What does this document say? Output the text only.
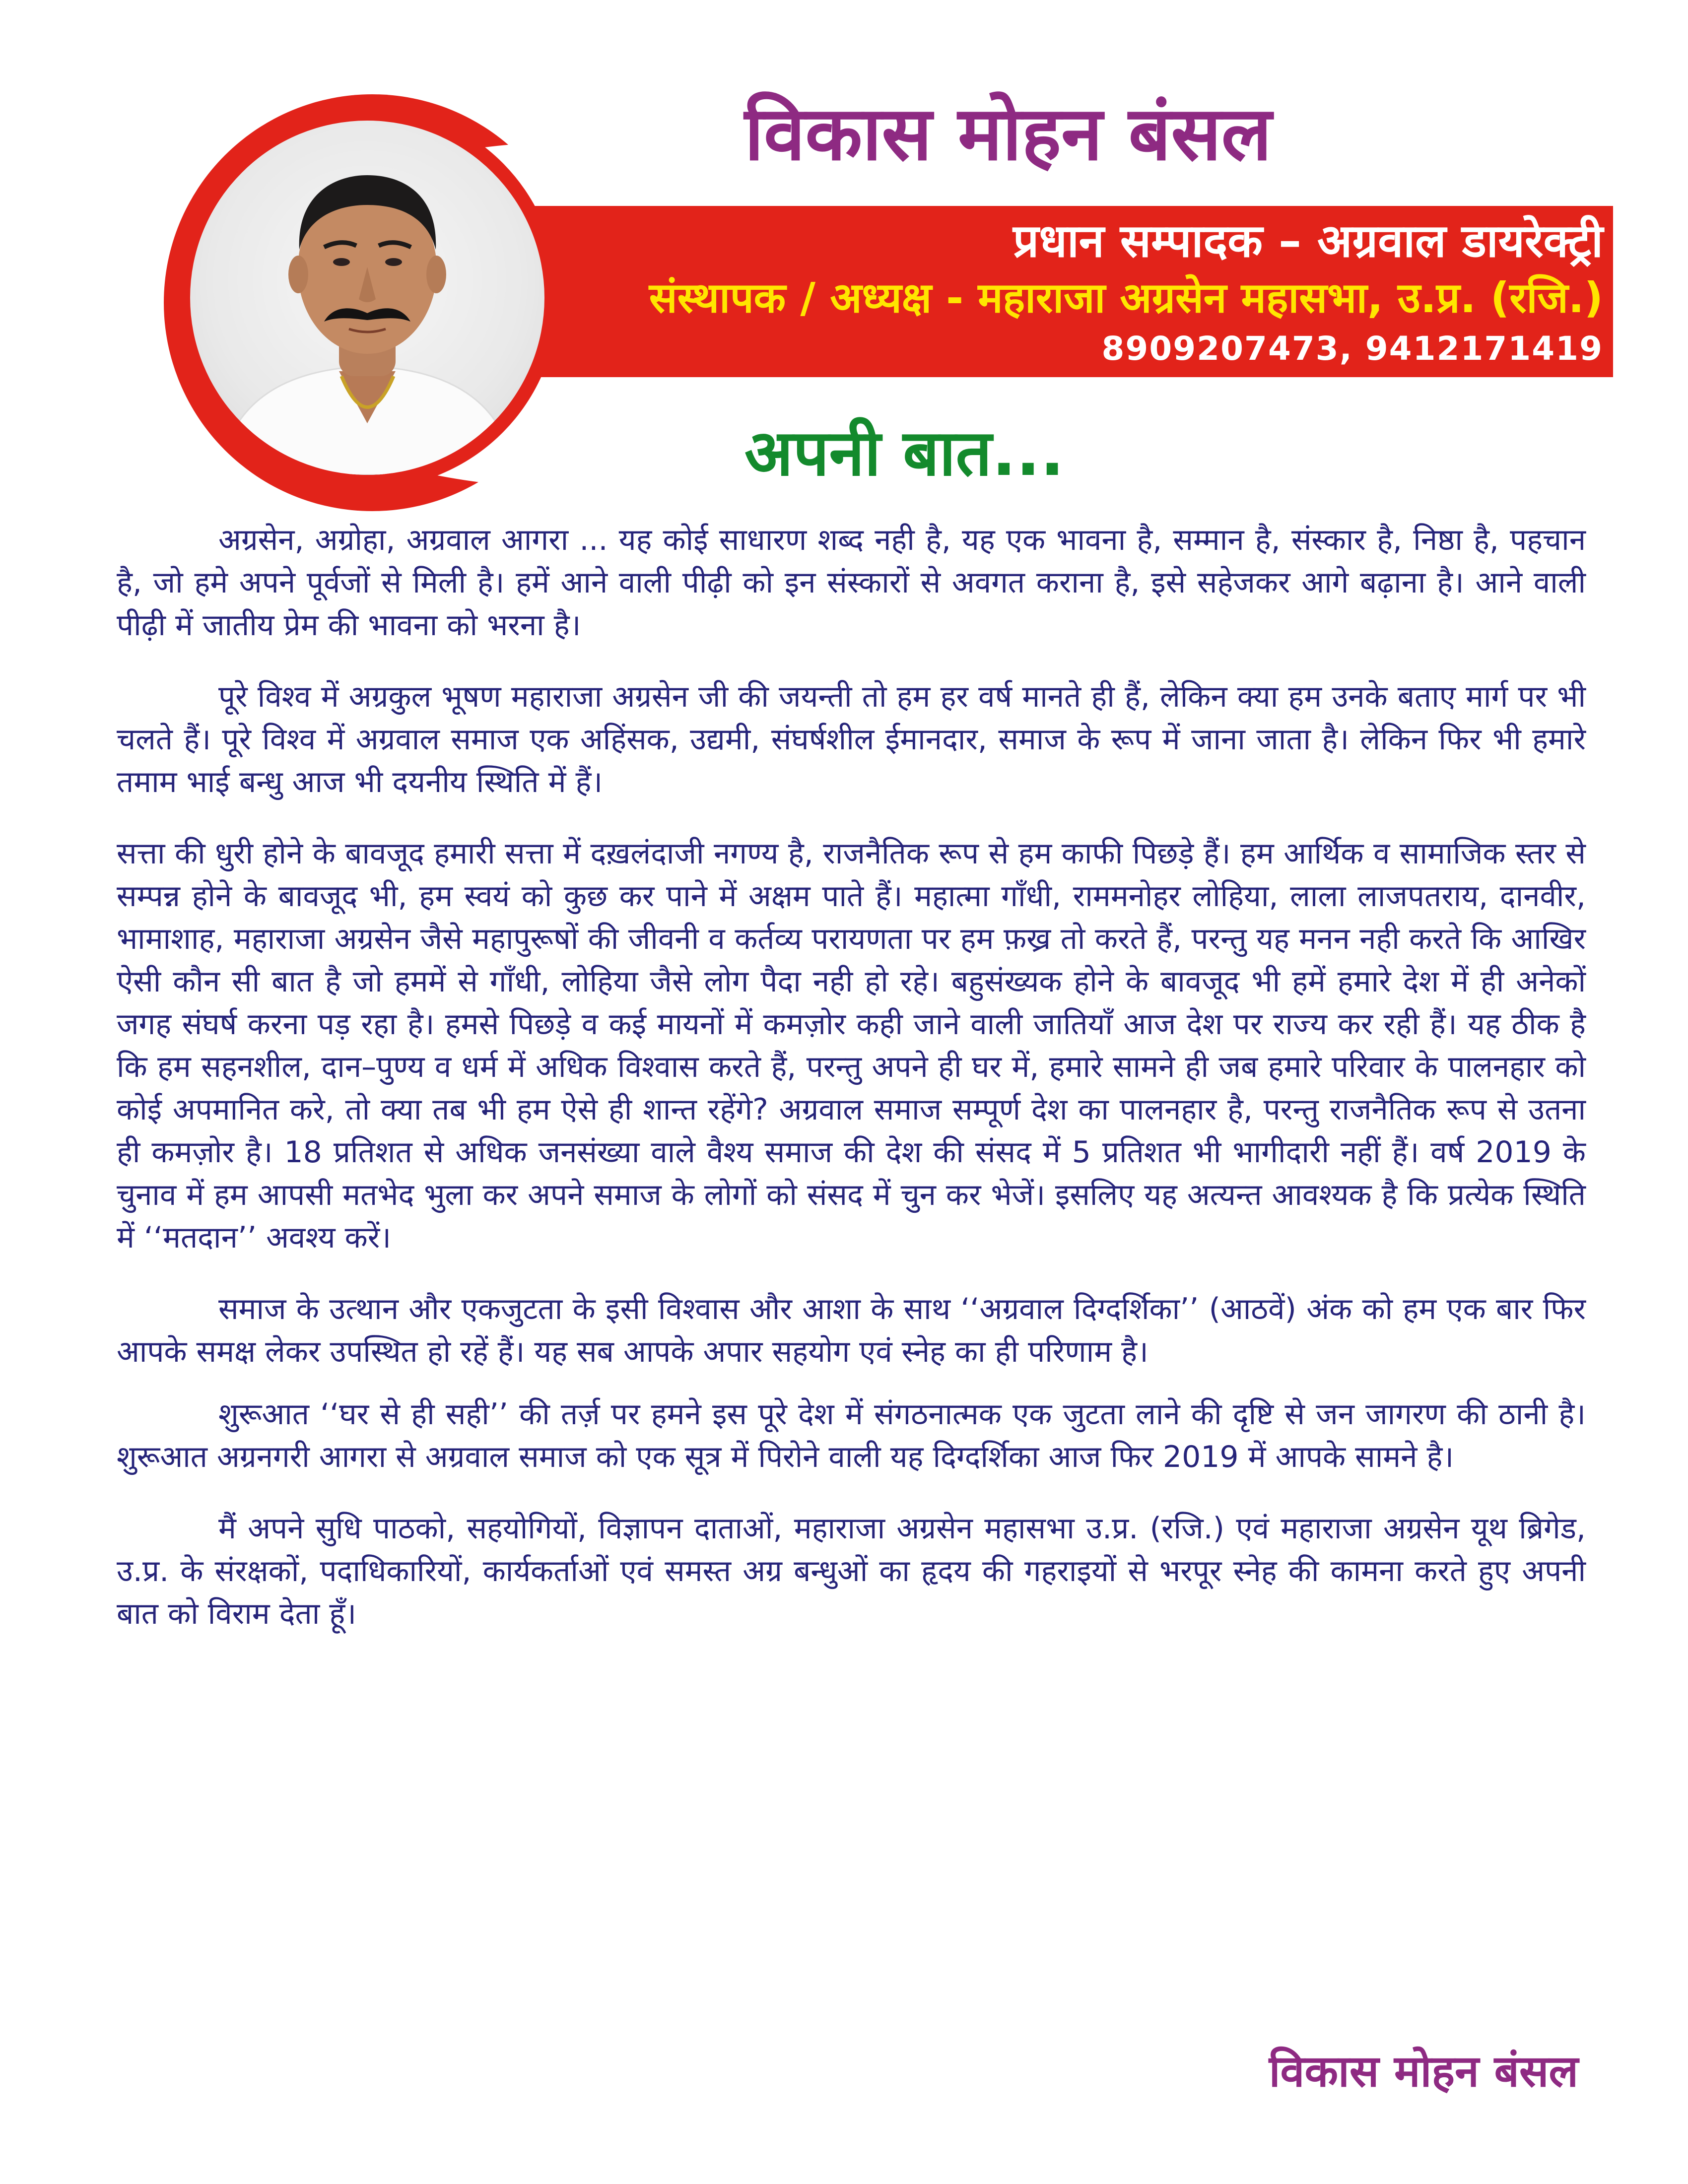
विकास मोहन बंसल
प्रधान सम्पादक – अग्रवाल डायरेक्ट्री
संस्थापक / अध्यक्ष - महाराजा अग्रसेन महासभा, उ.प्र. (रजि.)
8909207473, 9412171419
अपनी बात...

अग्रसेन, अग्रोहा, अग्रवाल आगरा ... यह कोई साधारण शब्द नही है, यह एक भावना है, सम्मान है, संस्कार है, निष्ठा है, पहचान है, जो हमे अपने पूर्वजों से मिली है। हमें आने वाली पीढ़ी को इन संस्कारों से अवगत कराना है, इसे सहेजकर आगे बढ़ाना है। आने वाली पीढ़ी में जातीय प्रेम की भावना को भरना है।

पूरे विश्व में अग्रकुल भूषण महाराजा अग्रसेन जी की जयन्ती तो हम हर वर्ष मानते ही हैं, लेकिन क्या हम उनके बताए मार्ग पर भी चलते हैं। पूरे विश्व में अग्रवाल समाज एक अहिंसक, उद्यमी, संघर्षशील ईमानदार, समाज के रूप में जाना जाता है। लेकिन फिर भी हमारे तमाम भाई बन्धु आज भी दयनीय स्थिति में हैं।

सत्ता की धुरी होने के बावजूद हमारी सत्ता में दख़लंदाजी नगण्य है, राजनैतिक रूप से हम काफी पिछड़े हैं। हम आर्थिक व सामाजिक स्तर से सम्पन्न होने के बावजूद भी, हम स्वयं को कुछ कर पाने में अक्षम पाते हैं। महात्मा गाँधी, राममनोहर लोहिया, लाला लाजपतराय, दानवीर, भामाशाह, महाराजा अग्रसेन जैसे महापुरूषों की जीवनी व कर्तव्य परायणता पर हम फ़ख्र तो करते हैं, परन्तु यह मनन नही करते कि आखिर ऐसी कौन सी बात है जो हममें से गाँधी, लोहिया जैसे लोग पैदा नही हो रहे। बहुसंख्यक होने के बावजूद भी हमें हमारे देश में ही अनेकों जगह संघर्ष करना पड़ रहा है। हमसे पिछड़े व कई मायनों में कमज़ोर कही जाने वाली जातियाँ आज देश पर राज्य कर रही हैं। यह ठीक है कि हम सहनशील, दान–पुण्य व धर्म में अधिक विश्वास करते हैं, परन्तु अपने ही घर में, हमारे सामने ही जब हमारे परिवार के पालनहार को कोई अपमानित करे, तो क्या तब भी हम ऐसे ही शान्त रहेंगे? अग्रवाल समाज सम्पूर्ण देश का पालनहार है, परन्तु राजनैतिक रूप से उतना ही कमज़ोर है। 18 प्रतिशत से अधिक जनसंख्या वाले वैश्य समाज की देश की संसद में 5 प्रतिशत भी भागीदारी नहीं हैं। वर्ष 2019 के चुनाव में हम आपसी मतभेद भुला कर अपने समाज के लोगों को संसद में चुन कर भेजें। इसलिए यह अत्यन्त आवश्यक है कि प्रत्येक स्थिति में ‘‘मतदान’’ अवश्य करें।

समाज के उत्थान और एकजुटता के इसी विश्वास और आशा के साथ ‘‘अग्रवाल दिग्दर्शिका’’ (आठवें) अंक को हम एक बार फिर आपके समक्ष लेकर उपस्थित हो रहें हैं। यह सब आपके अपार सहयोग एवं स्नेह का ही परिणाम है।

शुरूआत ‘‘घर से ही सही’’ की तर्ज़ पर हमने इस पूरे देश में संगठनात्मक एक जुटता लाने की दृष्टि से जन जागरण की ठानी है। शुरूआत अग्रनगरी आगरा से अग्रवाल समाज को एक सूत्र में पिरोने वाली यह दिग्दर्शिका आज फिर 2019 में आपके सामने है।

मैं अपने सुधि पाठको, सहयोगियों, विज्ञापन दाताओं, महाराजा अग्रसेन महासभा उ.प्र. (रजि.) एवं महाराजा अग्रसेन यूथ ब्रिगेड, उ.प्र. के संरक्षकों, पदाधिकारियों, कार्यकर्ताओं एवं समस्त अग्र बन्धुओं का हृदय की गहराइयों से भरपूर स्नेह की कामना करते हुए अपनी बात को विराम देता हूँ।

विकास मोहन बंसल
